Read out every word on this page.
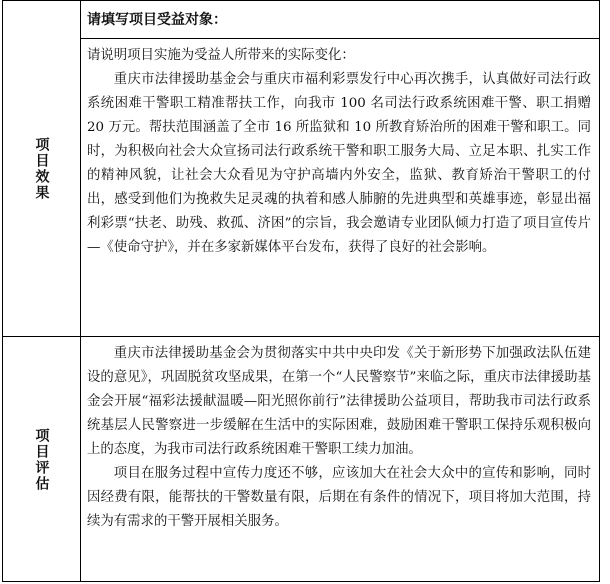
项目效果
请填写项目受益对象：

请说明项目实施为受益人所带来的实际变化：

重庆市法律援助基金会与重庆市福利彩票发行中心再次携手，认真做好司法行政系统困难干警职工精准帮扶工作，向我市 100 名司法行政系统困难干警、职工捐赠 20 万元。帮扶范围涵盖了全市 16 所监狱和 10 所教育矫治所的困难干警和职工。同时，为积极向社会大众宣扬司法行政系统干警和职工服务大局、立足本职、扎实工作的精神风貌，让社会大众看见为守护高墙内外安全，监狱、教育矫治干警职工的付出，感受到他们为挽救失足灵魂的执着和感人肺腑的先进典型和英雄事迹，彰显出福利彩票“扶老、助残、救孤、济困”的宗旨，我会邀请专业团队倾力打造了项目宣传片—《使命守护》，并在多家新媒体平台发布，获得了良好的社会影响。

项目评估

重庆市法律援助基金会为贯彻落实中共中央印发《关于新形势下加强政法队伍建设的意见》，巩固脱贫攻坚成果，在第一个“人民警察节”来临之际，重庆市法律援助基金会开展“福彩法援献温暖—阳光照你前行”法律援助公益项目，帮助我市司法行政系统基层人民警察进一步缓解在生活中的实际困难，鼓励困难干警职工保持乐观积极向上的态度，为我市司法行政系统困难干警职工续力加油。

项目在服务过程中宣传力度还不够，应该加大在社会大众中的宣传和影响，同时因经费有限，能帮扶的干警数量有限，后期在有条件的情况下，项目将加大范围，持续为有需求的干警开展相关服务。
